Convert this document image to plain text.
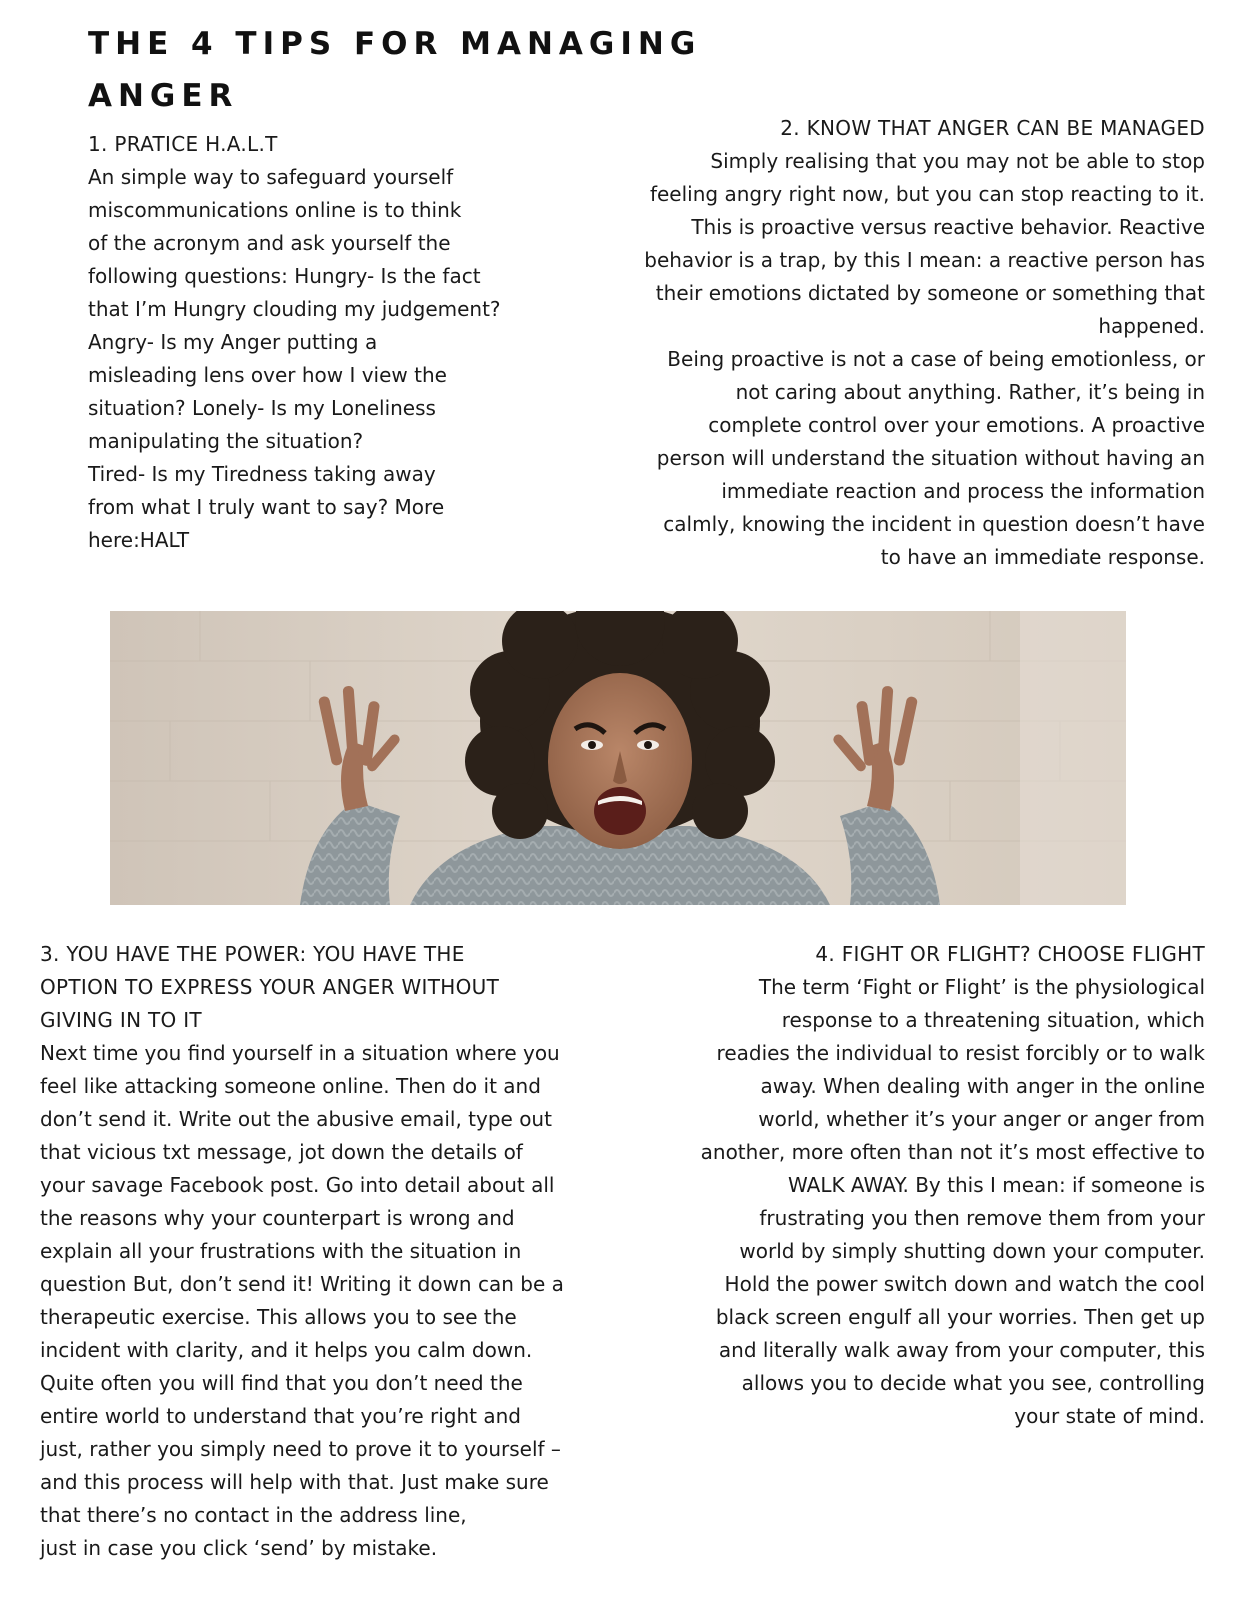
THE 4 TIPS FOR MANAGING
ANGER
1. PRATICE H.A.L.T
An simple way to safeguard yourself
miscommunications online is to think
of the acronym and ask yourself the
following questions: Hungry- Is the fact
that I’m Hungry clouding my judgement?
Angry- Is my Anger putting a
misleading lens over how I view the
situation? Lonely- Is my Loneliness
manipulating the situation?
Tired- Is my Tiredness taking away
from what I truly want to say? More
here:HALT
2. KNOW THAT ANGER CAN BE MANAGED
Simply realising that you may not be able to stop
feeling angry right now, but you can stop reacting to it.
This is proactive versus reactive behavior. Reactive
behavior is a trap, by this I mean: a reactive person has
their emotions dictated by someone or something that
happened.
Being proactive is not a case of being emotionless, or
not caring about anything. Rather, it’s being in
complete control over your emotions. A proactive
person will understand the situation without having an
immediate reaction and process the information
calmly, knowing the incident in question doesn’t have
to have an immediate response.
3. YOU HAVE THE POWER: YOU HAVE THE
OPTION TO EXPRESS YOUR ANGER WITHOUT
GIVING IN TO IT
Next time you find yourself in a situation where you
feel like attacking someone online. Then do it and
don’t send it. Write out the abusive email, type out
that vicious txt message, jot down the details of
your savage Facebook post. Go into detail about all
the reasons why your counterpart is wrong and
explain all your frustrations with the situation in
question But, don’t send it! Writing it down can be a
therapeutic exercise. This allows you to see the
incident with clarity, and it helps you calm down.
Quite often you will find that you don’t need the
entire world to understand that you’re right and
just, rather you simply need to prove it to yourself –
and this process will help with that. Just make sure
that there’s no contact in the address line,
just in case you click ‘send’ by mistake.
4. FIGHT OR FLIGHT? CHOOSE FLIGHT
The term ‘Fight or Flight’ is the physiological
response to a threatening situation, which
readies the individual to resist forcibly or to walk
away. When dealing with anger in the online
world, whether it’s your anger or anger from
another, more often than not it’s most effective to
WALK AWAY. By this I mean: if someone is
frustrating you then remove them from your
world by simply shutting down your computer.
Hold the power switch down and watch the cool
black screen engulf all your worries. Then get up
and literally walk away from your computer, this
allows you to decide what you see, controlling
your state of mind.
